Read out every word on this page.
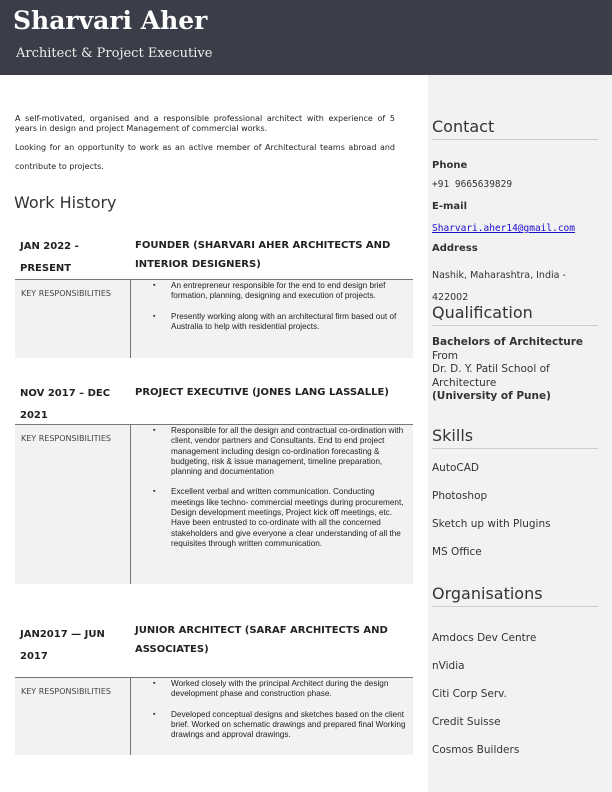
Sharvari Aher
Architect & Project Executive

A self-motivated, organised and a responsible professional architect with experience of 5 years in design and project Management of commercial works.

Looking for an opportunity to work as an active member of Architectural teams abroad and contribute to projects.

Work History
JAN 2022 - PRESENT
FOUNDER (SHARVARI AHER ARCHITECTS AND INTERIOR DESIGNERS)
KEY RESPONSIBILITIES
▪ An entrepreneur responsible for the end to end design brief formation, planning, designing and execution of projects.
▪ Presently working along with an architectural firm based out of Australia to help with residential projects.
NOV 2017 – DEC 2021
PROJECT EXECUTIVE (JONES LANG LASSALLE)
KEY RESPONSIBILITIES
▪ Responsible for all the design and contractual co-ordination with client, vendor partners and Consultants. End to end project management including design co-ordination forecasting & budgeting, risk & issue management, timeline preparation, planning and documentation
▪ Excellent verbal and written communication. Conducting meetings like techno- commercial meetings during procurement, Design development meetings, Project kick off meetings, etc. Have been entrusted to co-ordinate with all the concerned stakeholders and give everyone a clear understanding of all the requisites through written communication.
JAN2017 — JUN 2017
JUNIOR ARCHITECT (SARAF ARCHITECTS AND ASSOCIATES)
KEY RESPONSIBILITIES
▪ Worked closely with the principal Architect during the design development phase and construction phase.
▪ Developed conceptual designs and sketches based on the client brief. Worked on schematic drawings and prepared final Working drawings and approval drawings.
Contact
Phone
+91 9665639829
E-mail
Sharvari.aher14@gmail.com
Address
Nashik, Maharashtra, India - 422002
Qualification
Bachelors of Architecture
From
Dr. D. Y. Patil School of Architecture
(University of Pune)
Skills
AutoCAD
Photoshop
Sketch up with Plugins
MS Office
Organisations
Amdocs Dev Centre
nVidia
Citi Corp Serv.
Credit Suisse
Cosmos Builders
